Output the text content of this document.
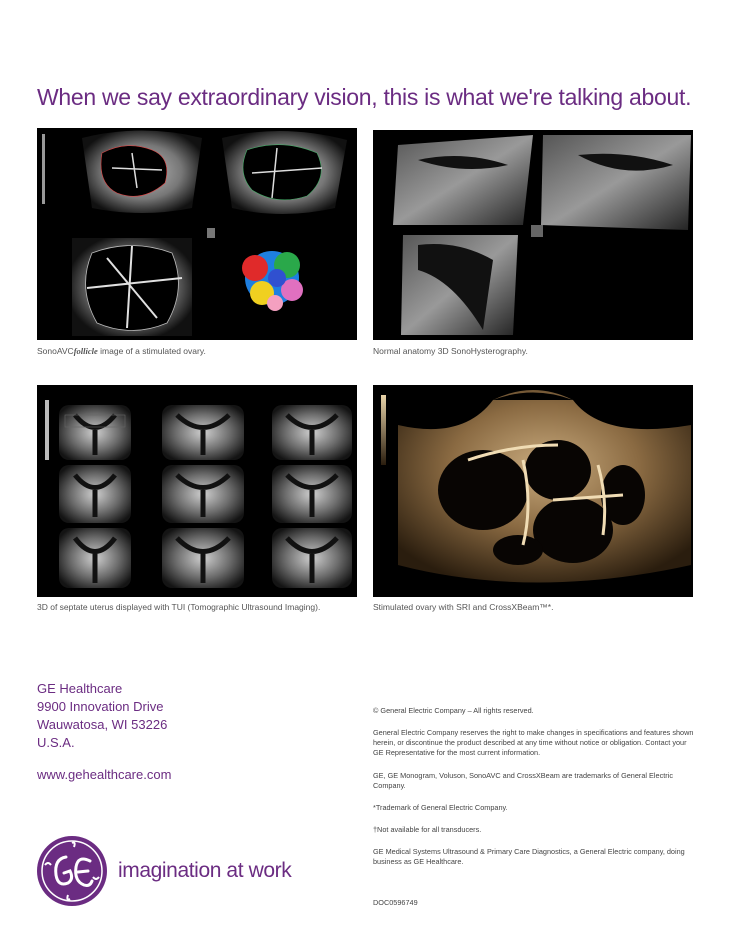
When we say extraordinary vision, this is what we're talking about.
SonoAVCfollicle image of a stimulated ovary.	Normal anatomy 3D SonoHysterography.
3D of septate uterus displayed with TUI (Tomographic Ultrasound Imaging).	Stimulated ovary with SRI and CrossXBeam™*.
GE Healthcare
9900 Innovation Drive
Wauwatosa, WI 53226
U.S.A.
www.gehealthcare.com
imagination at work
© General Electric Company – All rights reserved.
General Electric Company reserves the right to make changes in specifications and features shown herein, or discontinue the product described at any time without notice or obligation. Contact your GE Representative for the most current information.
GE, GE Monogram, Voluson, SonoAVC and CrossXBeam are trademarks of General Electric Company.
*Trademark of General Electric Company.
†Not available for all transducers.
GE Medical Systems Ultrasound & Primary Care Diagnostics, a General Electric company, doing business as GE Healthcare.
DOC0596749
